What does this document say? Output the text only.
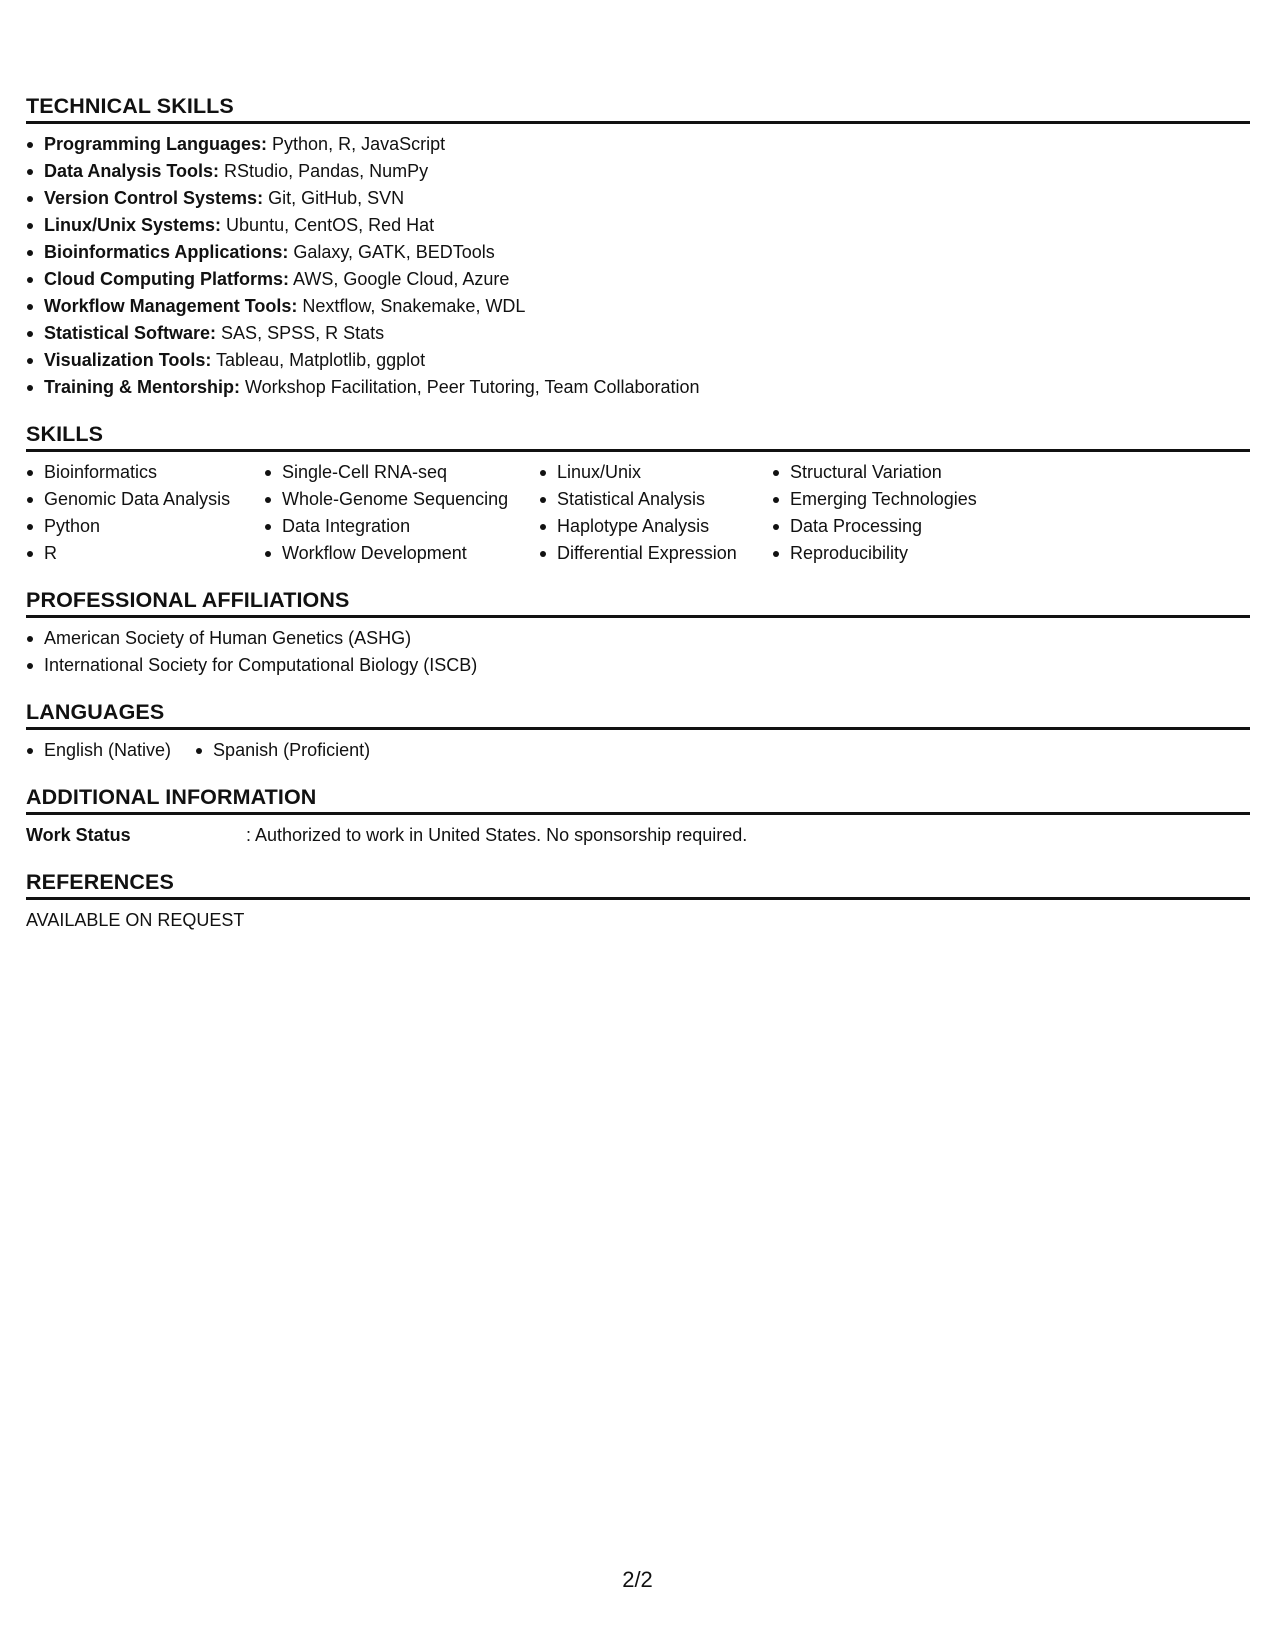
TECHNICAL SKILLS
Programming Languages: Python, R, JavaScript
Data Analysis Tools: RStudio, Pandas, NumPy
Version Control Systems: Git, GitHub, SVN
Linux/Unix Systems: Ubuntu, CentOS, Red Hat
Bioinformatics Applications: Galaxy, GATK, BEDTools
Cloud Computing Platforms: AWS, Google Cloud, Azure
Workflow Management Tools: Nextflow, Snakemake, WDL
Statistical Software: SAS, SPSS, R Stats
Visualization Tools: Tableau, Matplotlib, ggplot
Training & Mentorship: Workshop Facilitation, Peer Tutoring, Team Collaboration
SKILLS
Bioinformatics
Genomic Data Analysis
Python
R
Single-Cell RNA-seq
Whole-Genome Sequencing
Data Integration
Workflow Development
Linux/Unix
Statistical Analysis
Haplotype Analysis
Differential Expression
Structural Variation
Emerging Technologies
Data Processing
Reproducibility
PROFESSIONAL AFFILIATIONS
American Society of Human Genetics (ASHG)
International Society for Computational Biology (ISCB)
LANGUAGES
English (Native)	Spanish (Proficient)
ADDITIONAL INFORMATION
Work Status	: Authorized to work in United States. No sponsorship required.
REFERENCES
AVAILABLE ON REQUEST
2/2
